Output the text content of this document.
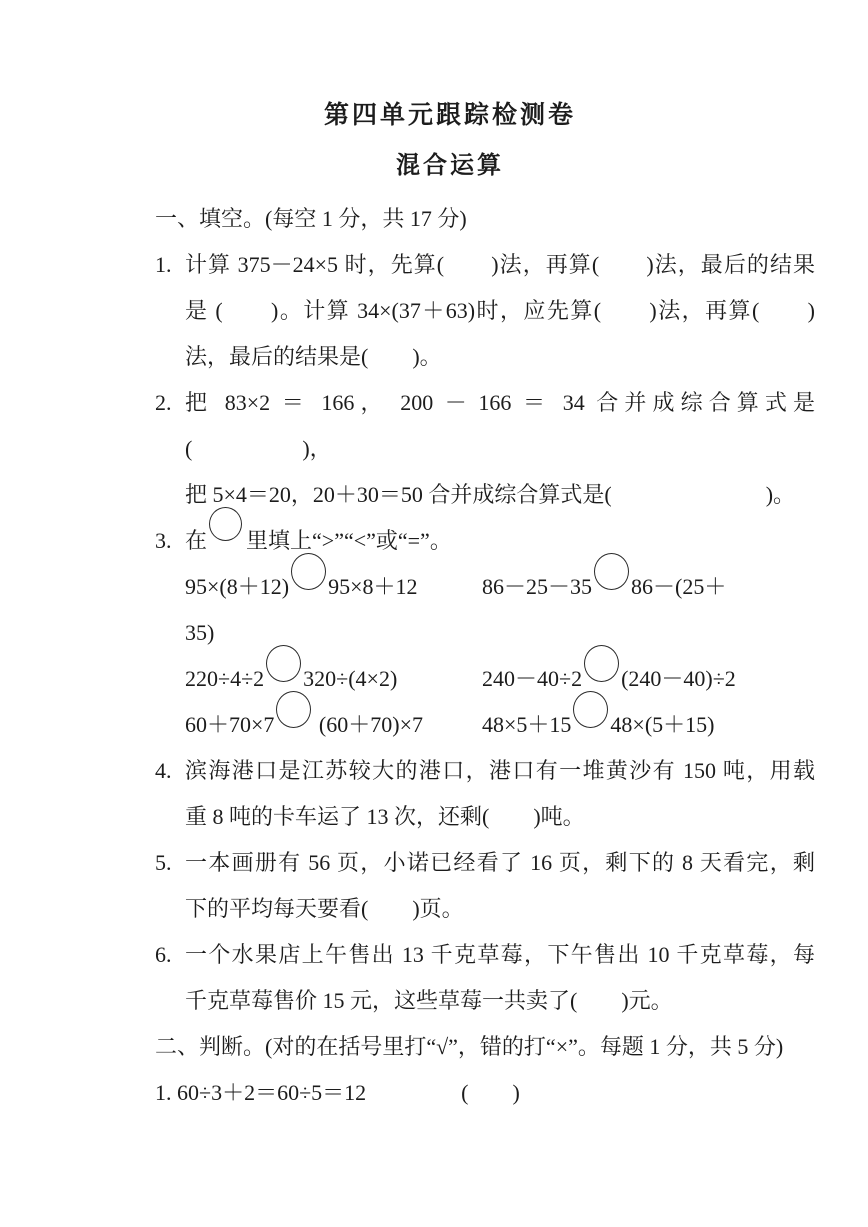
第四单元跟踪检测卷
混合运算
一、填空。(每空 1 分，共 17 分)
1. 计算 375－24×5 时，先算(　　)法，再算(　　)法，最后的结果
是 (　　)。计算 34×(37＋63)时，应先算(　　)法，再算(　　)
法，最后的结果是(　　)。
2. 把 83×2 ＝ 166， 200 － 166 ＝ 34 合并成综合算式是
(　　　　　)，
把 5×4＝20，20＋30＝50 合并成综合算式是(　　　　　　　)。
3. 在 里填上“>”“<”或“=”。
95×(8＋12) 95×8＋12	86－25－35 86－(25＋
35)
220÷4÷2 320÷(4×2)	240－40÷2 (240－40)÷2
60＋70×7 (60＋70)×7	48×5＋15 48×(5＋15)
4. 滨海港口是江苏较大的港口，港口有一堆黄沙有 150 吨，用载
重 8 吨的卡车运了 13 次，还剩(　　)吨。
5. 一本画册有 56 页，小诺已经看了 16 页，剩下的 8 天看完，剩
下的平均每天要看(　　)页。
6. 一个水果店上午售出 13 千克草莓，下午售出 10 千克草莓，每
千克草莓售价 15 元，这些草莓一共卖了(　　)元。
二、判断。(对的在括号里打“√”，错的打“×”。每题 1 分，共 5 分)
1. 60÷3＋2＝60÷5＝12	(　　)
